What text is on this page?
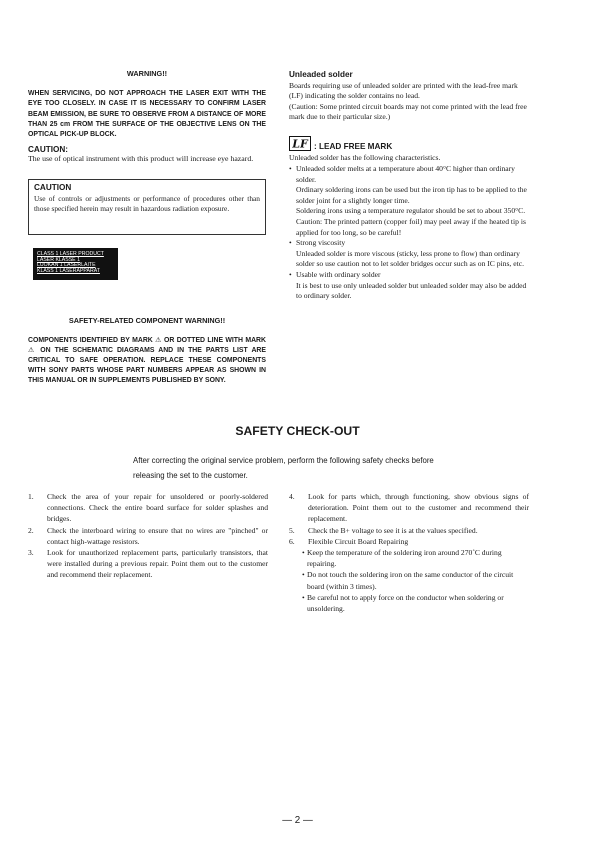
WARNING!!
WHEN SERVICING, DO NOT APPROACH THE LASER EXIT WITH THE EYE TOO CLOSELY. IN CASE IT IS NECESSARY TO CONFIRM LASER BEAM EMISSION, BE SURE TO OBSERVE FROM A DISTANCE OF MORE THAN 25 cm FROM THE SURFACE OF THE OBJECTIVE LENS ON THE OPTICAL PICK-UP BLOCK.
CAUTION:
The use of optical instrument with this product will increase eye hazard.
CAUTION
Use of controls or adjustments or performance of procedures other than those specified herein may result in hazardous radiation exposure.
CLASS 1 LASER PRODUCT
LASER KLASSE 1
LUOKAN 1 LASERLAITE
KLASS 1 LASERAPPARAT
SAFETY-RELATED COMPONENT WARNING!!
COMPONENTS IDENTIFIED BY MARK ⚠ OR DOTTED LINE WITH MARK ⚠ ON THE SCHEMATIC DIAGRAMS AND IN THE PARTS LIST ARE CRITICAL TO SAFE OPERATION. REPLACE THESE COMPONENTS WITH SONY PARTS WHOSE PART NUMBERS APPEAR AS SHOWN IN THIS MANUAL OR IN SUPPLEMENTS PUBLISHED BY SONY.
Unleaded solder
Boards requiring use of unleaded solder are printed with the lead-free mark (LF) indicating the solder contains no lead.
(Caution: Some printed circuit boards may not come printed with the lead free mark due to their particular size.)
LF : LEAD FREE MARK
Unleaded solder has the following characteristics.
• Unleaded solder melts at a temperature about 40°C higher than ordinary solder.
Ordinary soldering irons can be used but the iron tip has to be applied to the solder joint for a slightly longer time.
Soldering irons using a temperature regulator should be set to about 350°C.
Caution: The printed pattern (copper foil) may peel away if the heated tip is applied for too long, so be careful!
• Strong viscosity
Unleaded solder is more viscous (sticky, less prone to flow) than ordinary solder so use caution not to let solder bridges occur such as on IC pins, etc.
• Usable with ordinary solder
It is best to use only unleaded solder but unleaded solder may also be added to ordinary solder.
SAFETY CHECK-OUT
After correcting the original service problem, perform the following safety checks before releasing the set to the customer.
1.	Check the area of your repair for unsoldered or poorly-soldered connections. Check the entire board surface for solder splashes and bridges.
2.	Check the interboard wiring to ensure that no wires are "pinched" or contact high-wattage resistors.
3.	Look for unauthorized replacement parts, particularly transistors, that were installed during a previous repair. Point them out to the customer and recommend their replacement.
4.	Look for parts which, through functioning, show obvious signs of deterioration. Point them out to the customer and recommend their replacement.
5.	Check the B+ voltage to see it is at the values specified.
6.	Flexible Circuit Board Repairing
• Keep the temperature of the soldering iron around 270˚C during repairing.
• Do not touch the soldering iron on the same conductor of the circuit board (within 3 times).
• Be careful not to apply force on the conductor when soldering or unsoldering.
— 2 —
